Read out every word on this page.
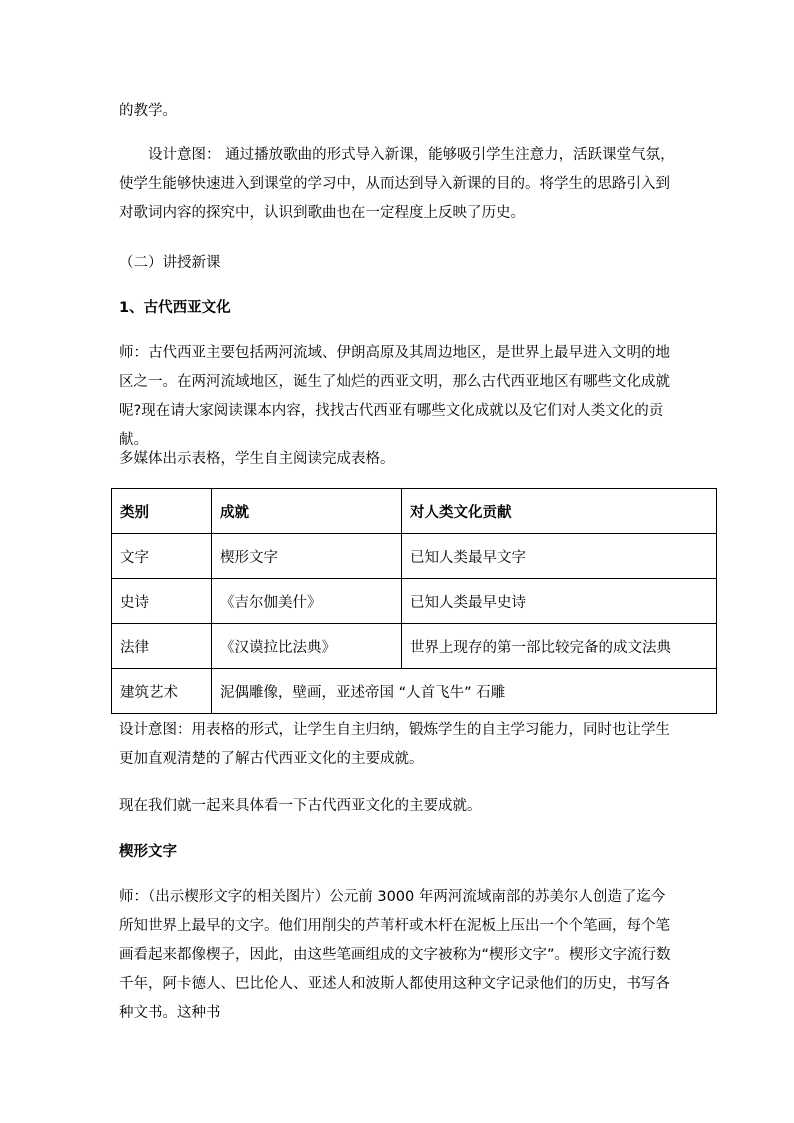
的教学。

设计意图： 通过播放歌曲的形式导入新课，能够吸引学生注意力，活跃课堂气氛，使学生能够快速进入到课堂的学习中，从而达到导入新课的目的。将学生的思路引入到对歌词内容的探究中，认识到歌曲也在一定程度上反映了历史。

（二）讲授新课

1、古代西亚文化

师：古代西亚主要包括两河流域、伊朗高原及其周边地区，是世界上最早进入文明的地区之一。在两河流域地区，诞生了灿烂的西亚文明，那么古代西亚地区有哪些文化成就呢?现在请大家阅读课本内容，找找古代西亚有哪些文化成就以及它们对人类文化的贡献。

多媒体出示表格，学生自主阅读完成表格。

类别	成就	对人类文化贡献
文字	楔形文字	已知人类最早文字
史诗	《吉尔伽美什》	已知人类最早史诗
法律	《汉谟拉比法典》	世界上现存的第一部比较完备的成文法典
建筑艺术	泥偶雕像，壁画，亚述帝国 “人首飞牛” 石雕	

设计意图：用表格的形式，让学生自主归纳，锻炼学生的自主学习能力，同时也让学生更加直观清楚的了解古代西亚文化的主要成就。

现在我们就一起来具体看一下古代西亚文化的主要成就。

楔形文字

师：（出示楔形文字的相关图片）公元前 3000 年两河流域南部的苏美尔人创造了迄今所知世界上最早的文字。他们用削尖的芦苇杆或木杆在泥板上压出一个个笔画，每个笔画看起来都像楔子，因此，由这些笔画组成的文字被称为“楔形文字”。楔形文字流行数千年，阿卡德人、巴比伦人、亚述人和波斯人都使用这种文字记录他们的历史，书写各种文书。这种书
